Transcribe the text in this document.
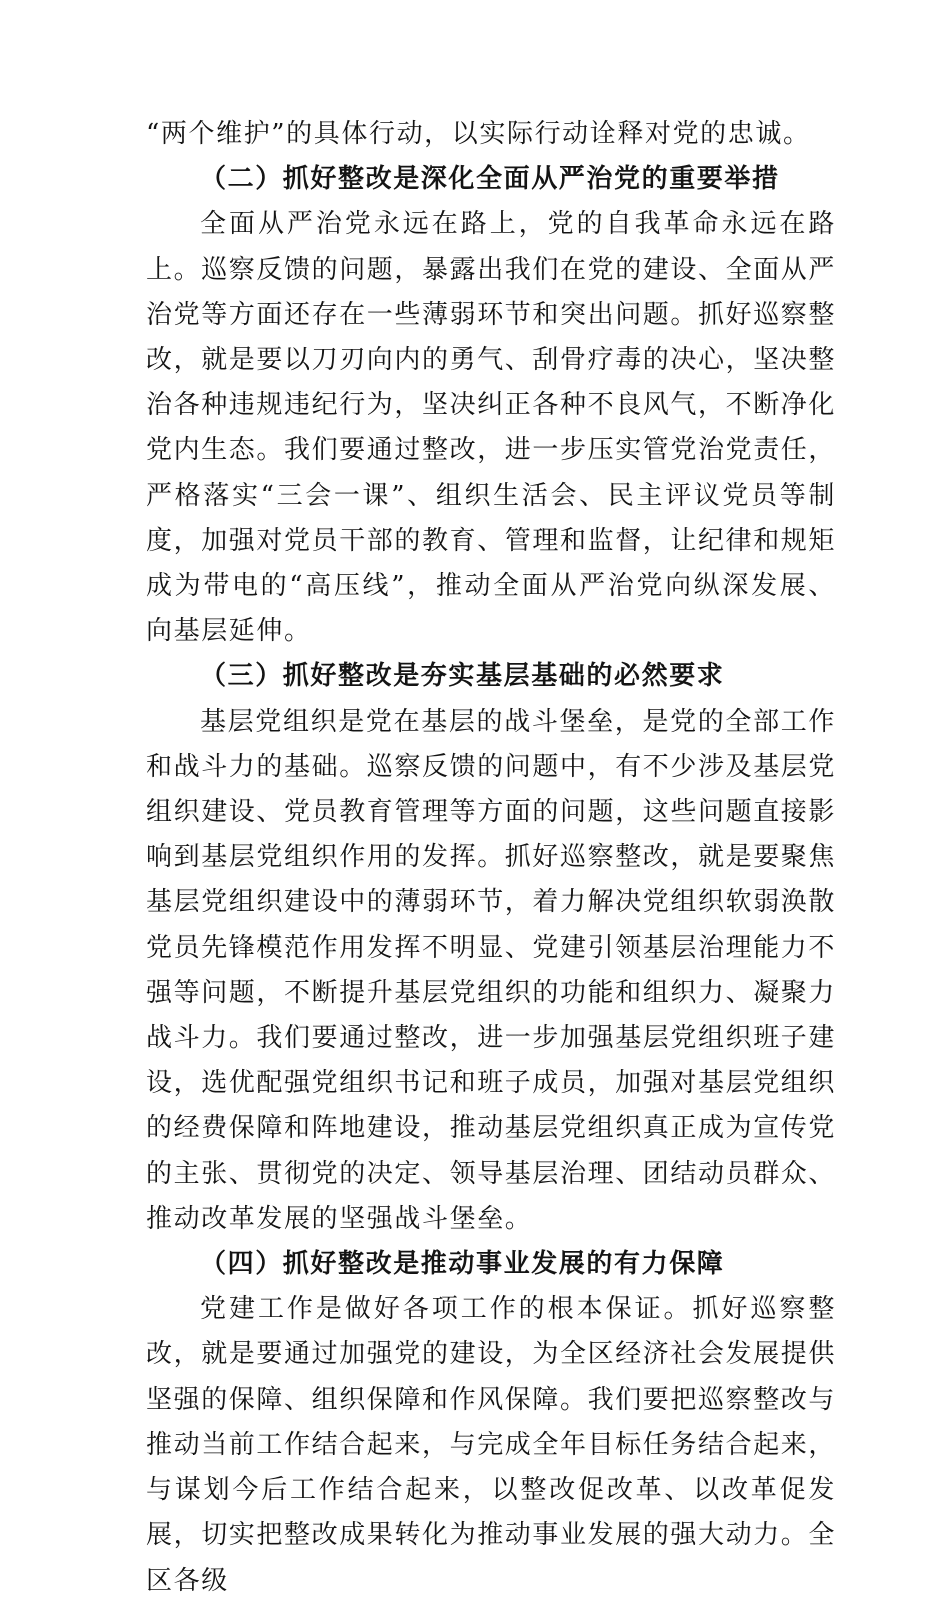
“两个维护”的具体行动，以实际行动诠释对党的忠诚。

（二）抓好整改是深化全面从严治党的重要举措

全面从严治党永远在路上，党的自我革命永远在路上。巡察反馈的问题，暴露出我们在党的建设、全面从严治党等方面还存在一些薄弱环节和突出问题。抓好巡察整改，就是要以刀刃向内的勇气、刮骨疗毒的决心，坚决整治各种违规违纪行为，坚决纠正各种不良风气，不断净化党内生态。我们要通过整改，进一步压实管党治党责任，严格落实“三会一课”、组织生活会、民主评议党员等制度，加强对党员干部的教育、管理和监督，让纪律和规矩成为带电的“高压线”，推动全面从严治党向纵深发展、向基层延伸。

（三）抓好整改是夯实基层基础的必然要求

基层党组织是党在基层的战斗堡垒，是党的全部工作和战斗力的基础。巡察反馈的问题中，有不少涉及基层党组织建设、党员教育管理等方面的问题，这些问题直接影响到基层党组织作用的发挥。抓好巡察整改，就是要聚焦基层党组织建设中的薄弱环节，着力解决党组织软弱涣散党员先锋模范作用发挥不明显、党建引领基层治理能力不强等问题，不断提升基层党组织的功能和组织力、凝聚力战斗力。我们要通过整改，进一步加强基层党组织班子建设，选优配强党组织书记和班子成员，加强对基层党组织的经费保障和阵地建设，推动基层党组织真正成为宣传党的主张、贯彻党的决定、领导基层治理、团结动员群众、推动改革发展的坚强战斗堡垒。

（四）抓好整改是推动事业发展的有力保障

党建工作是做好各项工作的根本保证。抓好巡察整改，就是要通过加强党的建设，为全区经济社会发展提供坚强的保障、组织保障和作风保障。我们要把巡察整改与推动当前工作结合起来，与完成全年目标任务结合起来，与谋划今后工作结合起来，以整改促改革、以改革促发展，切实把整改成果转化为推动事业发展的强大动力。全区各级
